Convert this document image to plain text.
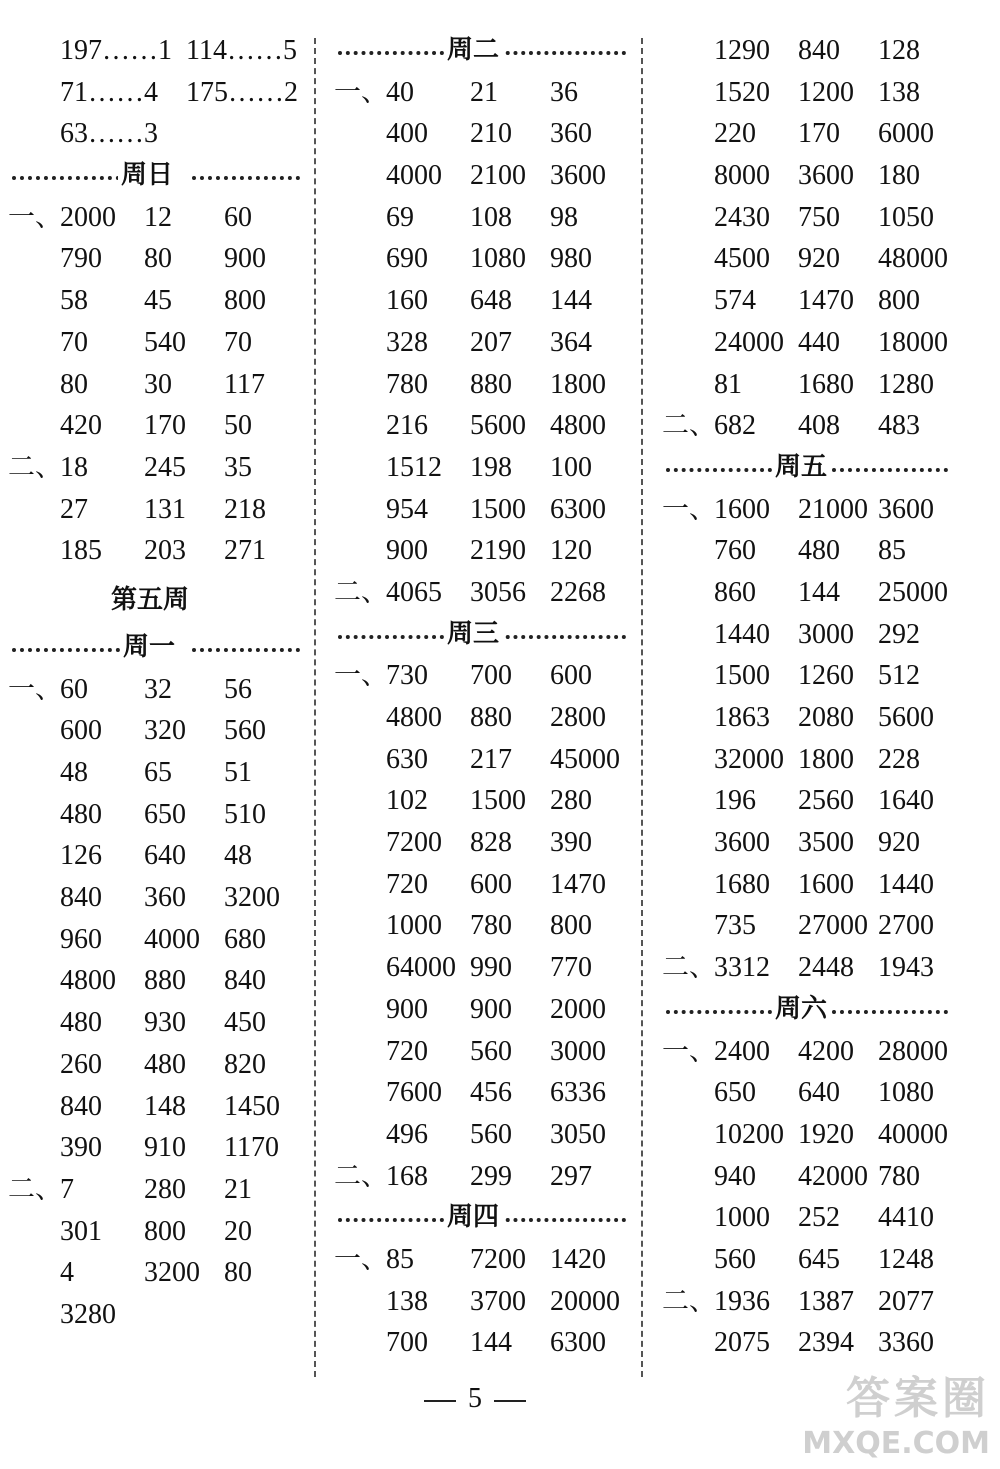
197……1 114……5
71……4 175……2
63……3
周日
一、
2000 12 60
790 80 900
58 45 800
70 540 70
80 30 117
420 170 50
二、
18 245 35
27 131 218
185 203 271
第五周
周一
一、
60 32 56
600 320 560
48 65 51
480 650 510
126 640 48
840 360 3200
960 4000 680
4800 880 840
480 930 450
260 480 820
840 148 1450
390 910 1170
二、
7	280 21
301 800 20
4	3200 80
3280
周二
一、
40 21 36
400 210 360
4000 2100 3600
69 108 98
690 1080 980
160 648 144
328 207 364
780 880 1800
216 5600 4800
1512 198 100
954 1500 6300
900 2190 120
二、
4065 3056 2268
周三
一、
730 700 600
4800 880 2800
630 217 45000
102 1500 280
7200 828 390
720 600 1470
1000 780 800
64000 990 770
900 900 2000
720 560 3000
7600 456 6336
496 560 3050
二、
168 299 297
周四
一、
85 7200 1420
138 3700 20000
700 144 6300
1290 840 128
1520 1200 138
220 170 6000
8000 3600 180
2430 750 1050
4500 920 48000
574 1470 800
24000 440 18000
81 1680 1280
二、
682 408 483
周五
一、
1600 21000 3600
760 480 85
860 144 25000
1440 3000 292
1500 1260 512
1863 2080 5600
32000 1800 228
196 2560 1640
3600 3500 920
1680 1600 1440
735 27000 2700
二、
3312 2448 1943
周六
一、
2400 4200 28000
650 640 1080
10200 1920 40000
940 42000 780
1000 252 4410
560 645 1248
二、
1936 1387 2077
2075 2394 3360
5	答案圈
MXQE.COM
